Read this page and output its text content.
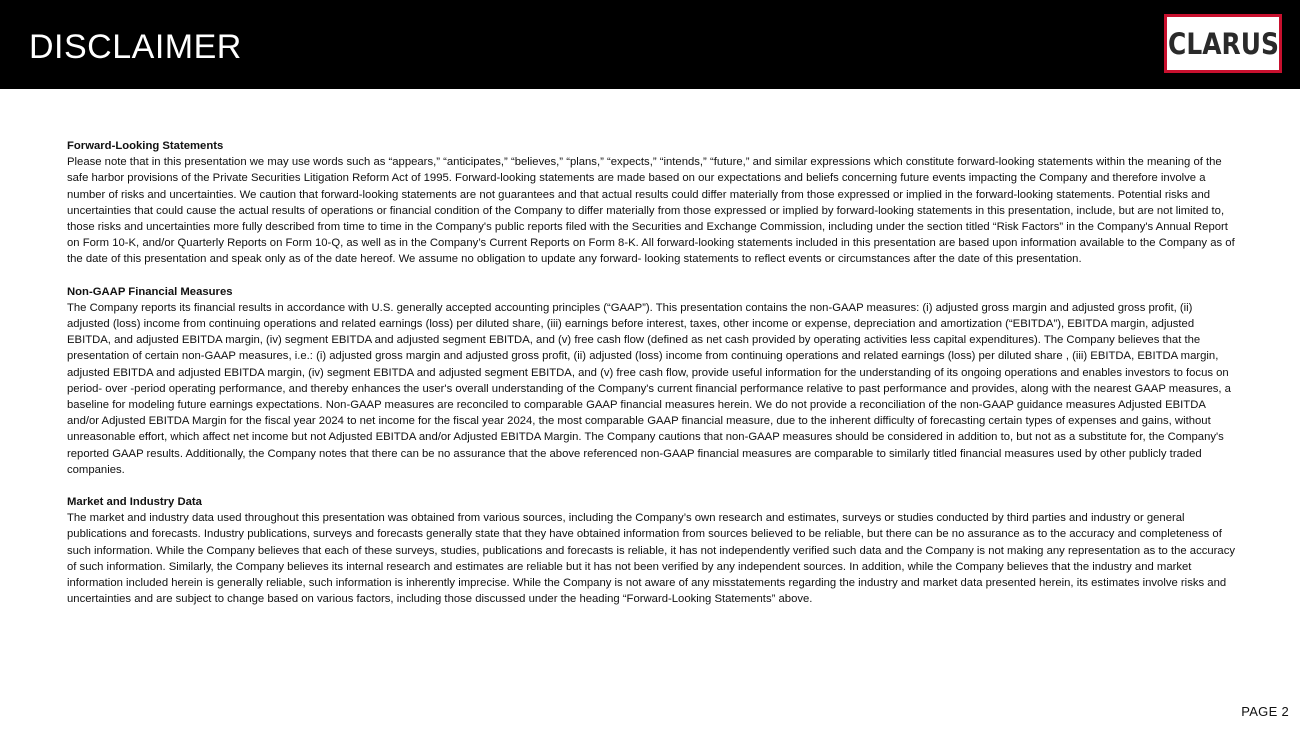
DISCLAIMER	CLARUS
Forward-Looking Statements
Please note that in this presentation we may use words such as “appears,” “anticipates,” “believes,” “plans,” “expects,” “intends,” “future,” and similar expressions which constitute forward-looking statements within the meaning of the safe harbor provisions of the Private Securities Litigation Reform Act of 1995. Forward-looking statements are made based on our expectations and beliefs concerning future events impacting the Company and therefore involve a number of risks and uncertainties. We caution that forward-looking statements are not guarantees and that actual results could differ materially from those expressed or implied in the forward-looking statements. Potential risks and uncertainties that could cause the actual results of operations or financial condition of the Company to differ materially from those expressed or implied by forward-looking statements in this presentation, include, but are not limited to, those risks and uncertainties more fully described from time to time in the Company's public reports filed with the Securities and Exchange Commission, including under the section titled “Risk Factors” in the Company's Annual Report on Form 10-K, and/or Quarterly Reports on Form 10-Q, as well as in the Company’s Current Reports on Form 8-K. All forward-looking statements included in this presentation are based upon information available to the Company as of the date of this presentation and speak only as of the date hereof. We assume no obligation to update any forward- looking statements to reflect events or circumstances after the date of this presentation.
Non-GAAP Financial Measures
The Company reports its financial results in accordance with U.S. generally accepted accounting principles (“GAAP”). This presentation contains the non-GAAP measures: (i) adjusted gross margin and adjusted gross profit, (ii) adjusted (loss) income from continuing operations and related earnings (loss) per diluted share, (iii) earnings before interest, taxes, other income or expense, depreciation and amortization (“EBITDA”), EBITDA margin, adjusted EBITDA, and adjusted EBITDA margin, (iv) segment EBITDA and adjusted segment EBITDA, and (v) free cash flow (defined as net cash provided by operating activities less capital expenditures). The Company believes that the presentation of certain non-GAAP measures, i.e.: (i) adjusted gross margin and adjusted gross profit, (ii) adjusted (loss) income from continuing operations and related earnings (loss) per diluted share , (iii) EBITDA, EBITDA margin, adjusted EBITDA and adjusted EBITDA margin, (iv) segment EBITDA and adjusted segment EBITDA, and (v) free cash flow, provide useful information for the understanding of its ongoing operations and enables investors to focus on period- over -period operating performance, and thereby enhances the user's overall understanding of the Company's current financial performance relative to past performance and provides, along with the nearest GAAP measures, a baseline for modeling future earnings expectations. Non-GAAP measures are reconciled to comparable GAAP financial measures herein. We do not provide a reconciliation of the non-GAAP guidance measures Adjusted EBITDA and/or Adjusted EBITDA Margin for the fiscal year 2024 to net income for the fiscal year 2024, the most comparable GAAP financial measure, due to the inherent difficulty of forecasting certain types of expenses and gains, without unreasonable effort, which affect net income but not Adjusted EBITDA and/or Adjusted EBITDA Margin. The Company cautions that non-GAAP measures should be considered in addition to, but not as a substitute for, the Company's reported GAAP results. Additionally, the Company notes that there can be no assurance that the above referenced non-GAAP financial measures are comparable to similarly titled financial measures used by other publicly traded companies.
Market and Industry Data
The market and industry data used throughout this presentation was obtained from various sources, including the Company’s own research and estimates, surveys or studies conducted by third parties and industry or general publications and forecasts. Industry publications, surveys and forecasts generally state that they have obtained information from sources believed to be reliable, but there can be no assurance as to the accuracy and completeness of such information. While the Company believes that each of these surveys, studies, publications and forecasts is reliable, it has not independently verified such data and the Company is not making any representation as to the accuracy of such information. Similarly, the Company believes its internal research and estimates are reliable but it has not been verified by any independent sources. In addition, while the Company believes that the industry and market information included herein is generally reliable, such information is inherently imprecise. While the Company is not aware of any misstatements regarding the industry and market data presented herein, its estimates involve risks and uncertainties and are subject to change based on various factors, including those discussed under the heading “Forward-Looking Statements” above.
PAGE 2
